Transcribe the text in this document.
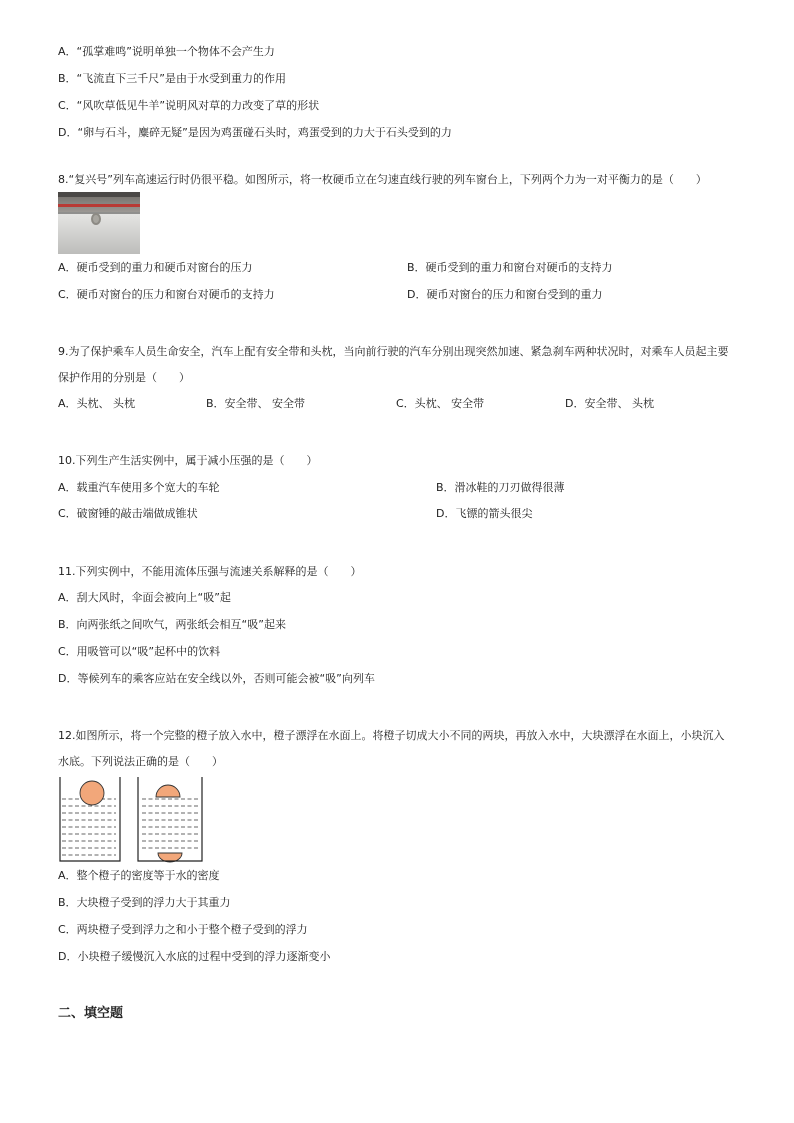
A．“孤掌难鸣”说明单独一个物体不会产生力
B．“飞流直下三千尺”是由于水受到重力的作用
C．“风吹草低见牛羊”说明风对草的力改变了草的形状
D．“卵与石斗，麋碎无疑”是因为鸡蛋碰石头时，鸡蛋受到的力大于石头受到的力
8.“复兴号”列车高速运行时仍很平稳。如图所示，将一枚硬币立在匀速直线行驶的列车窗台上，下列两个力为一对平衡力的是（　　）
A．硬币受到的重力和硬币对窗台的压力	B．硬币受到的重力和窗台对硬币的支持力
C．硬币对窗台的压力和窗台对硬币的支持力	D．硬币对窗台的压力和窗台受到的重力
9.为了保护乘车人员生命安全，汽车上配有安全带和头枕，当向前行驶的汽车分别出现突然加速、紧急刹车两种状况时，对乘车人员起主要
保护作用的分别是（　　）
A．头枕、 头枕	B．安全带、 安全带	C．头枕、 安全带	D．安全带、 头枕
10.下列生产生活实例中，属于减小压强的是（　　）
A．载重汽车使用多个宽大的车轮	B．滑冰鞋的刀刃做得很薄
C．破窗锤的敲击端做成锥状	D．飞镖的箭头很尖
11.下列实例中，不能用流体压强与流速关系解释的是（　　）
A．刮大风时，伞面会被向上“吸”起
B．向两张纸之间吹气，两张纸会相互“吸”起来
C．用吸管可以“吸”起杯中的饮料
D．等候列车的乘客应站在安全线以外，否则可能会被“吸”向列车
12.如图所示，将一个完整的橙子放入水中，橙子漂浮在水面上。将橙子切成大小不同的两块，再放入水中，大块漂浮在水面上，小块沉入
水底。下列说法正确的是（　　）
A．整个橙子的密度等于水的密度
B．大块橙子受到的浮力大于其重力
C．两块橙子受到浮力之和小于整个橙子受到的浮力
D．小块橙子缓慢沉入水底的过程中受到的浮力逐渐变小
二、填空题
